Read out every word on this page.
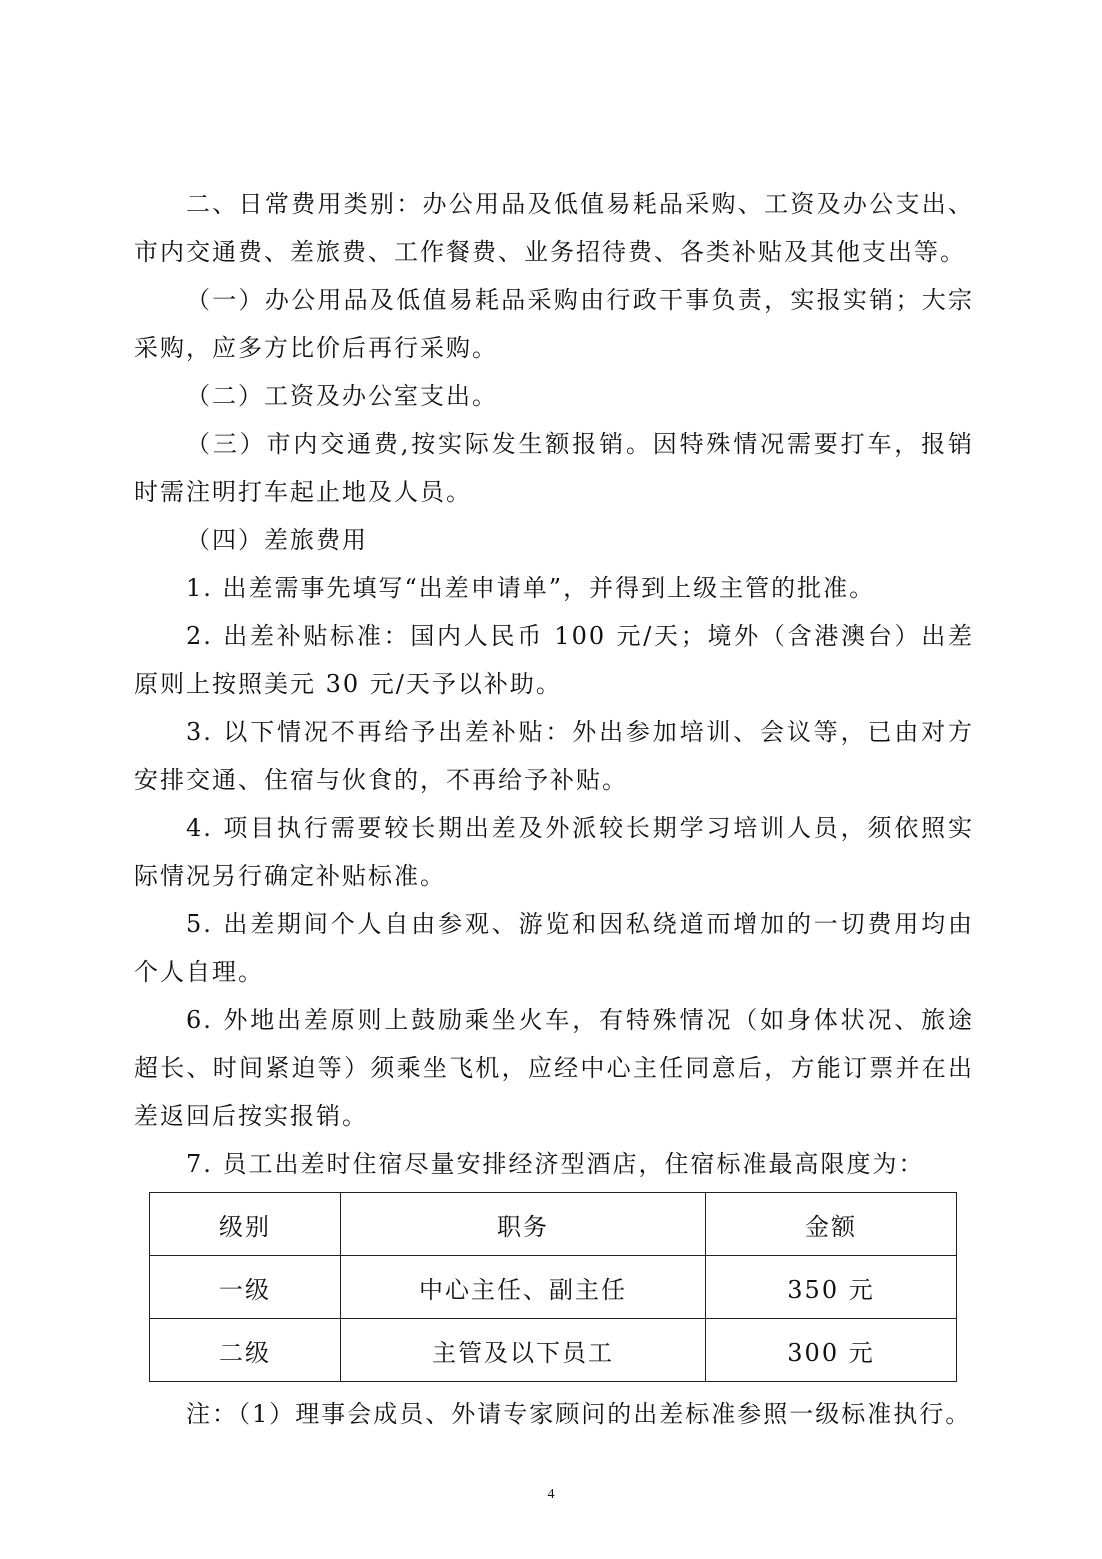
二、日常费用类别：办公用品及低值易耗品采购、工资及办公支出、市内交通费、差旅费、工作餐费、业务招待费、各类补贴及其他支出等。

（一）办公用品及低值易耗品采购由行政干事负责，实报实销；大宗采购，应多方比价后再行采购。

（二）工资及办公室支出。

（三）市内交通费,按实际发生额报销。因特殊情况需要打车，报销时需注明打车起止地及人员。

（四）差旅费用

1. 出差需事先填写“出差申请单”，并得到上级主管的批准。

2. 出差补贴标准：国内人民币 100 元/天；境外（含港澳台）出差原则上按照美元 30 元/天予以补助。

3. 以下情况不再给予出差补贴：外出参加培训、会议等，已由对方安排交通、住宿与伙食的，不再给予补贴。

4. 项目执行需要较长期出差及外派较长期学习培训人员，须依照实际情况另行确定补贴标准。

5. 出差期间个人自由参观、游览和因私绕道而增加的一切费用均由个人自理。

6. 外地出差原则上鼓励乘坐火车，有特殊情况（如身体状况、旅途超长、时间紧迫等）须乘坐飞机，应经中心主任同意后，方能订票并在出差返回后按实报销。

7. 员工出差时住宿尽量安排经济型酒店，住宿标准最高限度为：

级别	职务	金额
一级	中心主任、副主任	350 元
二级	主管及以下员工	300 元

注：（1）理事会成员、外请专家顾问的出差标准参照一级标准执行。

4
